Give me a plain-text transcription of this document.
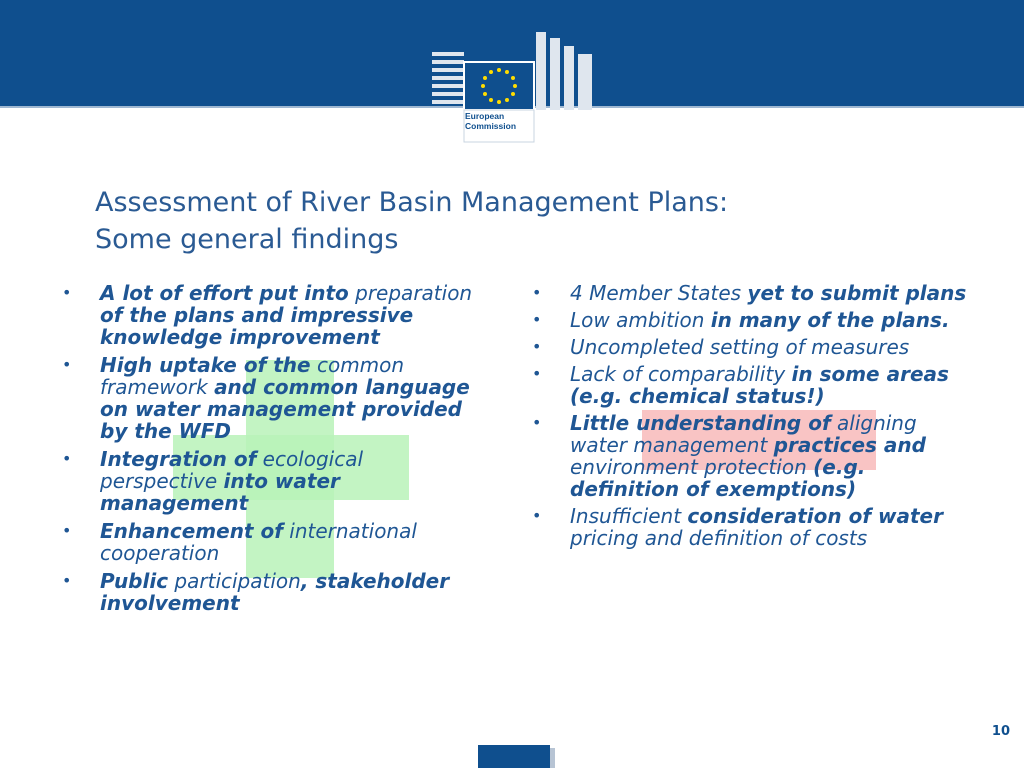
European
Commission
Assessment of River Basin Management Plans:
Some general findings
• A lot of effort put into preparation of the plans and impressive knowledge improvement
• High uptake of the common framework and common language on water management provided by the WFD
• Integration of ecological perspective into water management
• Enhancement of international cooperation
• Public participation, stakeholder involvement
• 4 Member States yet to submit plans
• Low ambition in many of the plans.
• Uncompleted setting of measures
• Lack of comparability in some areas (e.g. chemical status!)
• Little understanding of aligning water management practices and environment protection (e.g. definition of exemptions)
• Insufficient consideration of water pricing and definition of costs
10
